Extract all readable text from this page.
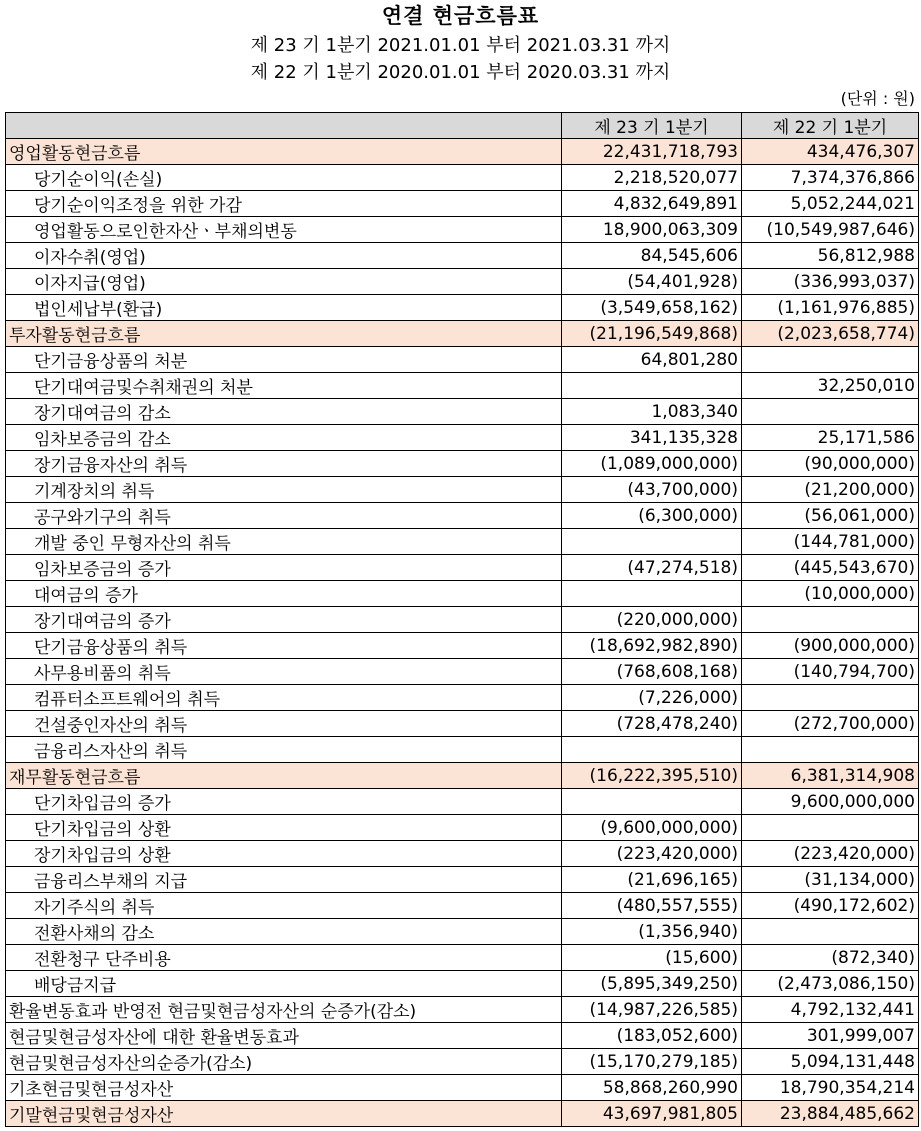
연결 현금흐름표
제 23 기 1분기 2021.01.01 부터 2021.03.31 까지
제 22 기 1분기 2020.01.01 부터 2020.03.31 까지
(단위 : 원)
	제 23 기 1분기	제 22 기 1분기
영업활동현금흐름	22,431,718,793	434,476,307
당기순이익(손실)	2,218,520,077	7,374,376,866
당기순이익조정을 위한 가감	4,832,649,891	5,052,244,021
영업활동으로인한자산ㆍ부채의변동	18,900,063,309	(10,549,987,646)
이자수취(영업)	84,545,606	56,812,988
이자지급(영업)	(54,401,928)	(336,993,037)
법인세납부(환급)	(3,549,658,162)	(1,161,976,885)
투자활동현금흐름	(21,196,549,868)	(2,023,658,774)
단기금융상품의 처분	64,801,280	
단기대여금및수취채권의 처분		32,250,010
장기대여금의 감소	1,083,340	
임차보증금의 감소	341,135,328	25,171,586
장기금융자산의 취득	(1,089,000,000)	(90,000,000)
기계장치의 취득	(43,700,000)	(21,200,000)
공구와기구의 취득	(6,300,000)	(56,061,000)
개발 중인 무형자산의 취득		(144,781,000)
임차보증금의 증가	(47,274,518)	(445,543,670)
대여금의 증가		(10,000,000)
장기대여금의 증가	(220,000,000)	
단기금융상품의 취득	(18,692,982,890)	(900,000,000)
사무용비품의 취득	(768,608,168)	(140,794,700)
컴퓨터소프트웨어의 취득	(7,226,000)	
건설중인자산의 취득	(728,478,240)	(272,700,000)
금융리스자산의 취득		
재무활동현금흐름	(16,222,395,510)	6,381,314,908
단기차입금의 증가		9,600,000,000
단기차입금의 상환	(9,600,000,000)	
장기차입금의 상환	(223,420,000)	(223,420,000)
금융리스부채의 지급	(21,696,165)	(31,134,000)
자기주식의 취득	(480,557,555)	(490,172,602)
전환사채의 감소	(1,356,940)	
전환청구 단주비용	(15,600)	(872,340)
배당금지급	(5,895,349,250)	(2,473,086,150)
환율변동효과 반영전 현금및현금성자산의 순증가(감소)	(14,987,226,585)	4,792,132,441
현금및현금성자산에 대한 환율변동효과	(183,052,600)	301,999,007
현금및현금성자산의순증가(감소)	(15,170,279,185)	5,094,131,448
기초현금및현금성자산	58,868,260,990	18,790,354,214
기말현금및현금성자산	43,697,981,805	23,884,485,662
